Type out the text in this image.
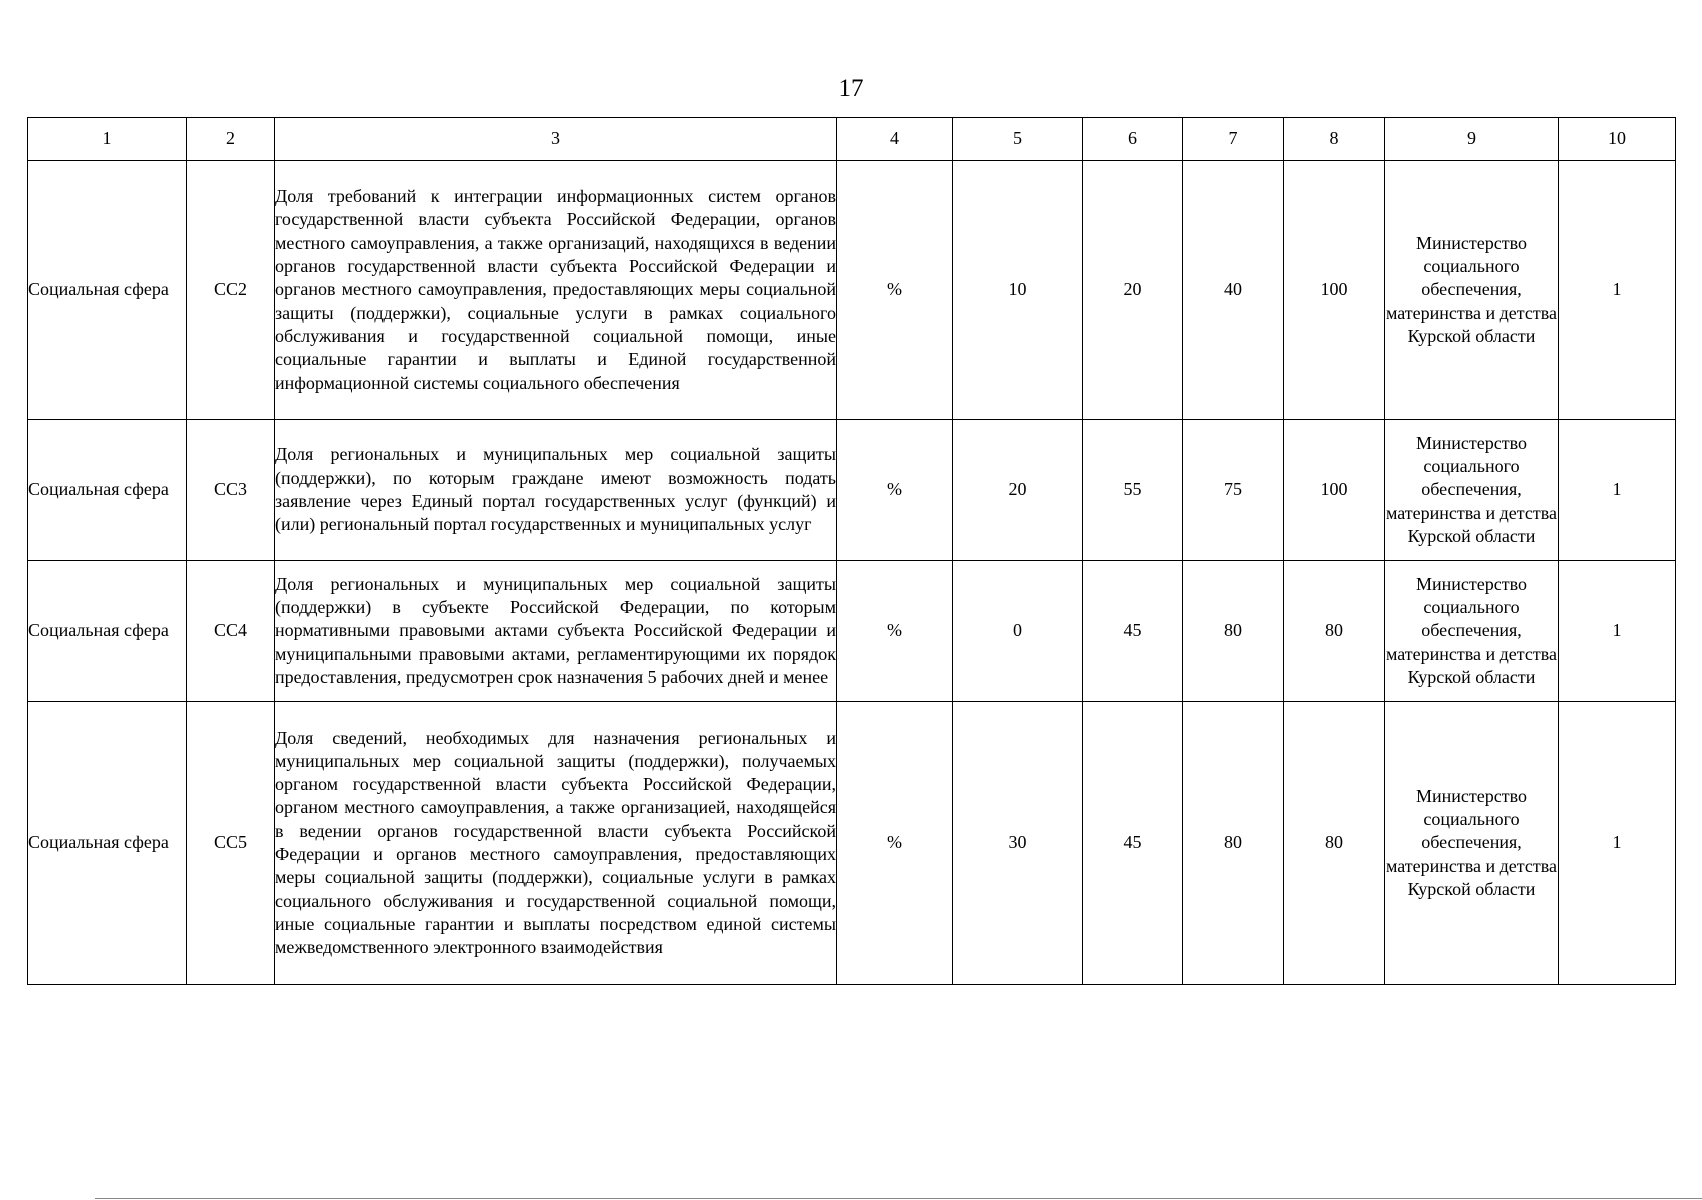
17
1	2	3	4	5	6	7	8	9	10
Социальная сфера	СС2	Доля требований к интеграции информационных систем органов государственной власти субъекта Российской Федерации, органов местного самоуправления, а также организаций, находящихся в ведении органов государственной власти субъекта Российской Федерации и органов местного самоуправления, предоставляющих меры социальной защиты (поддержки), социальные услуги в рамках социального обслуживания и государственной социальной помощи, иные социальные гарантии и выплаты и Единой государственной информационной системы социального обеспечения	%	10	20	40	100	Министерство социального обеспечения, материнства и детства Курской области	1
Социальная сфера	СС3	Доля региональных и муниципальных мер социальной защиты (поддержки), по которым граждане имеют возможность подать заявление через Единый портал государственных услуг (функций) и (или) региональный портал государственных и муниципальных услуг	%	20	55	75	100	Министерство социального обеспечения, материнства и детства Курской области	1
Социальная сфера	СС4	Доля региональных и муниципальных мер социальной защиты (поддержки) в субъекте Российской Федерации, по которым нормативными правовыми актами субъекта Российской Федерации и муниципальными правовыми актами, регламентирующими их порядок предоставления, предусмотрен срок назначения 5 рабочих дней и менее	%	0	45	80	80	Министерство социального обеспечения, материнства и детства Курской области	1
Социальная сфера	СС5	Доля сведений, необходимых для назначения региональных и муниципальных мер социальной защиты (поддержки), получаемых органом государственной власти субъекта Российской Федерации, органом местного самоуправления, а также организацией, находящейся в ведении органов государственной власти субъекта Российской Федерации и органов местного самоуправления, предоставляющих меры социальной защиты (поддержки), социальные услуги в рамках социального обслуживания и государственной социальной помощи, иные социальные гарантии и выплаты посредством единой системы межведомственного электронного взаимодействия	%	30	45	80	80	Министерство социального обеспечения, материнства и детства Курской области	1
